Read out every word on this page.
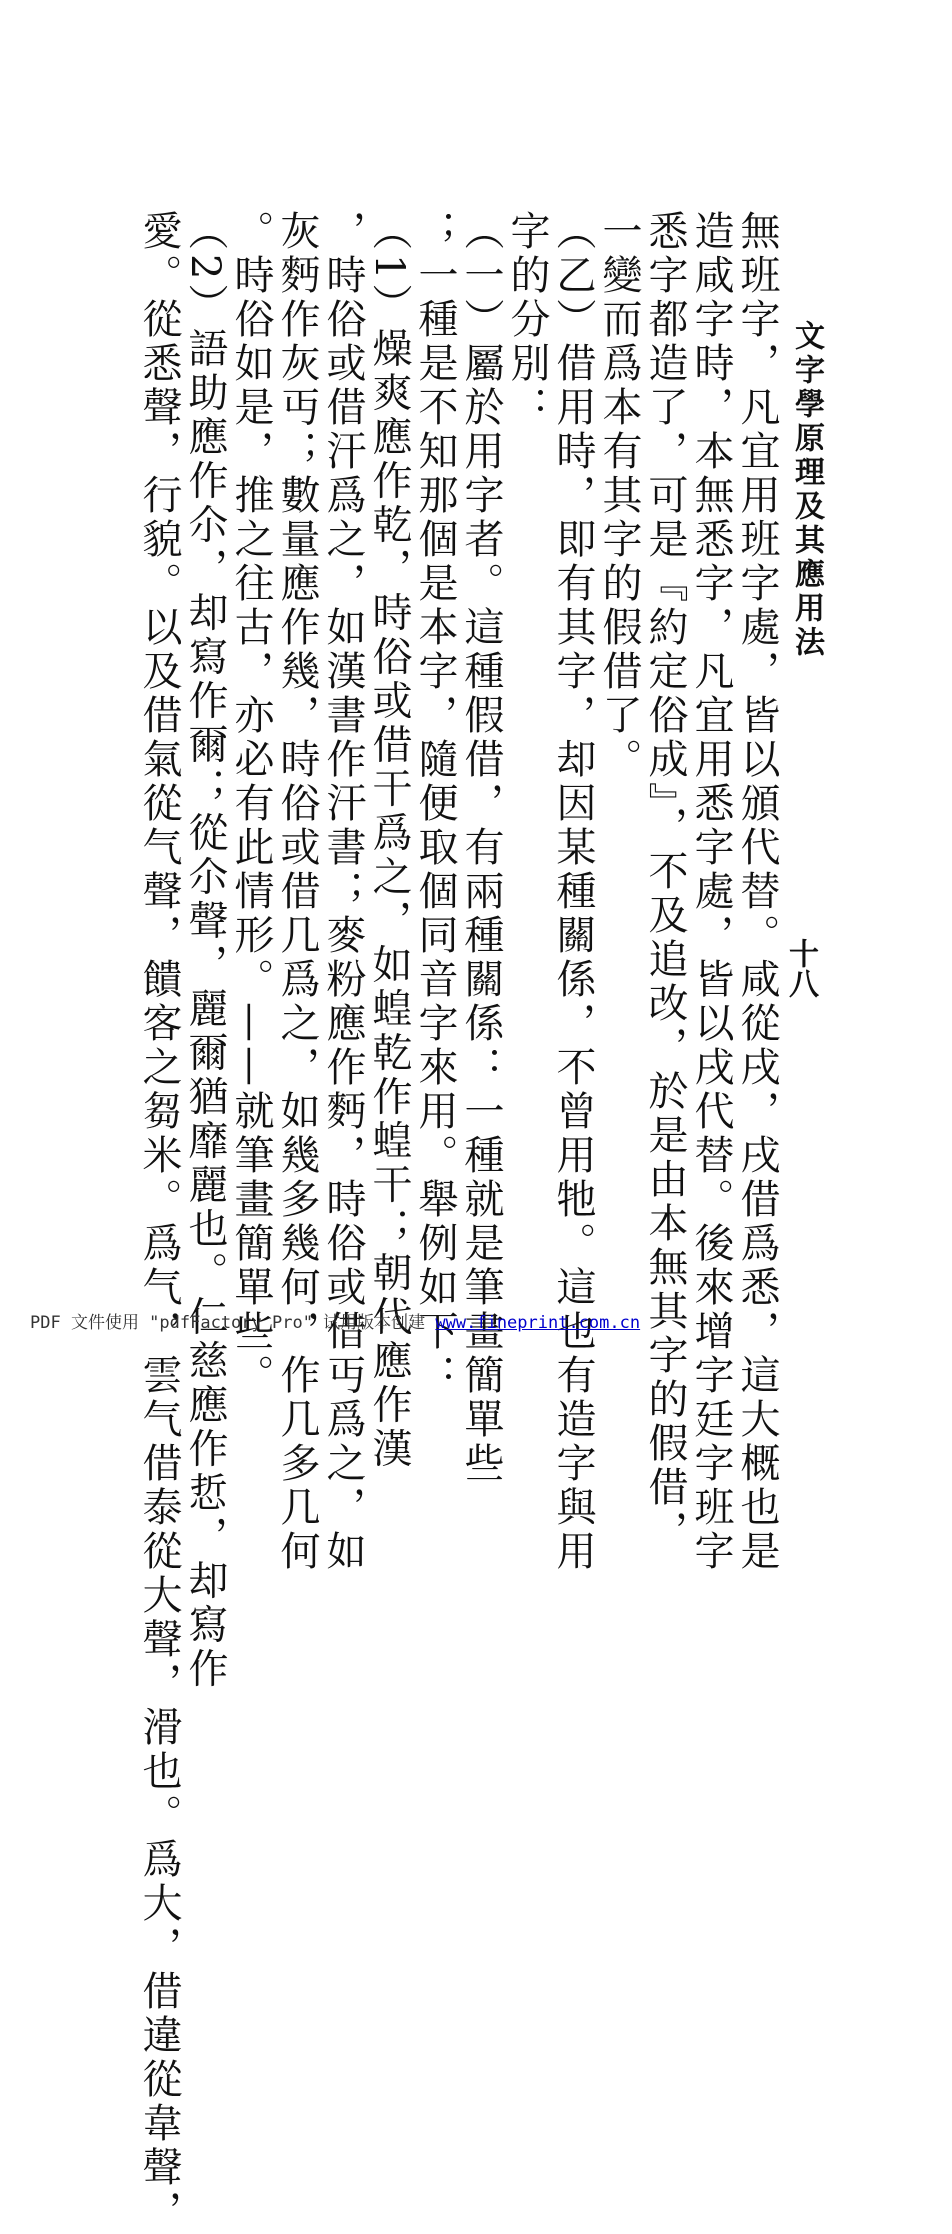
文字學原理及其應用法
十八
無班字，凡宜用班字處，皆以頒代替。咸從戌，戌借爲悉，這大概也是
造咸字時，本無悉字，凡宜用悉字處，皆以戌代替。後來增字廷字班字
悉字都造了，可是『約定俗成』，不及追改，於是由本無其字的假借，
一變而爲本有其字的假借了。
（乙）借用時，即有其字，却因某種關係，不曾用牠。這也有造字與用
字的分別：
（一）屬於用字者。這種假借，有兩種關係：一種就是筆畫簡單些
；一種是不知那個是本字，隨便取個同音字來用。舉例如下：
（1）燥爽應作乾，時俗或借干爲之，如蝗乾作蝗干；朝代應作漢
，時俗或借汗爲之，如漢書作汗書；麥粉應作麪，時俗或借丏爲之，如
灰麪作灰丏；數量應作幾，時俗或借几爲之，如幾多幾何，作几多几何
。時俗如是，推之往古，亦必有此情形。——就筆畫簡單些。
（2）語助應作尒，却寫作爾；從尒聲，麗爾猶靡麗也。仁慈應作悊，却寫作
愛。從悉聲，行貌。以及借氣從气聲，饋客之芻米。爲气，雲气借泰從大聲，滑也。爲大，借違從韋聲，
PDF 文件使用 "pdfFactory Pro" 试用版本创建 www.fineprint.com.cn
